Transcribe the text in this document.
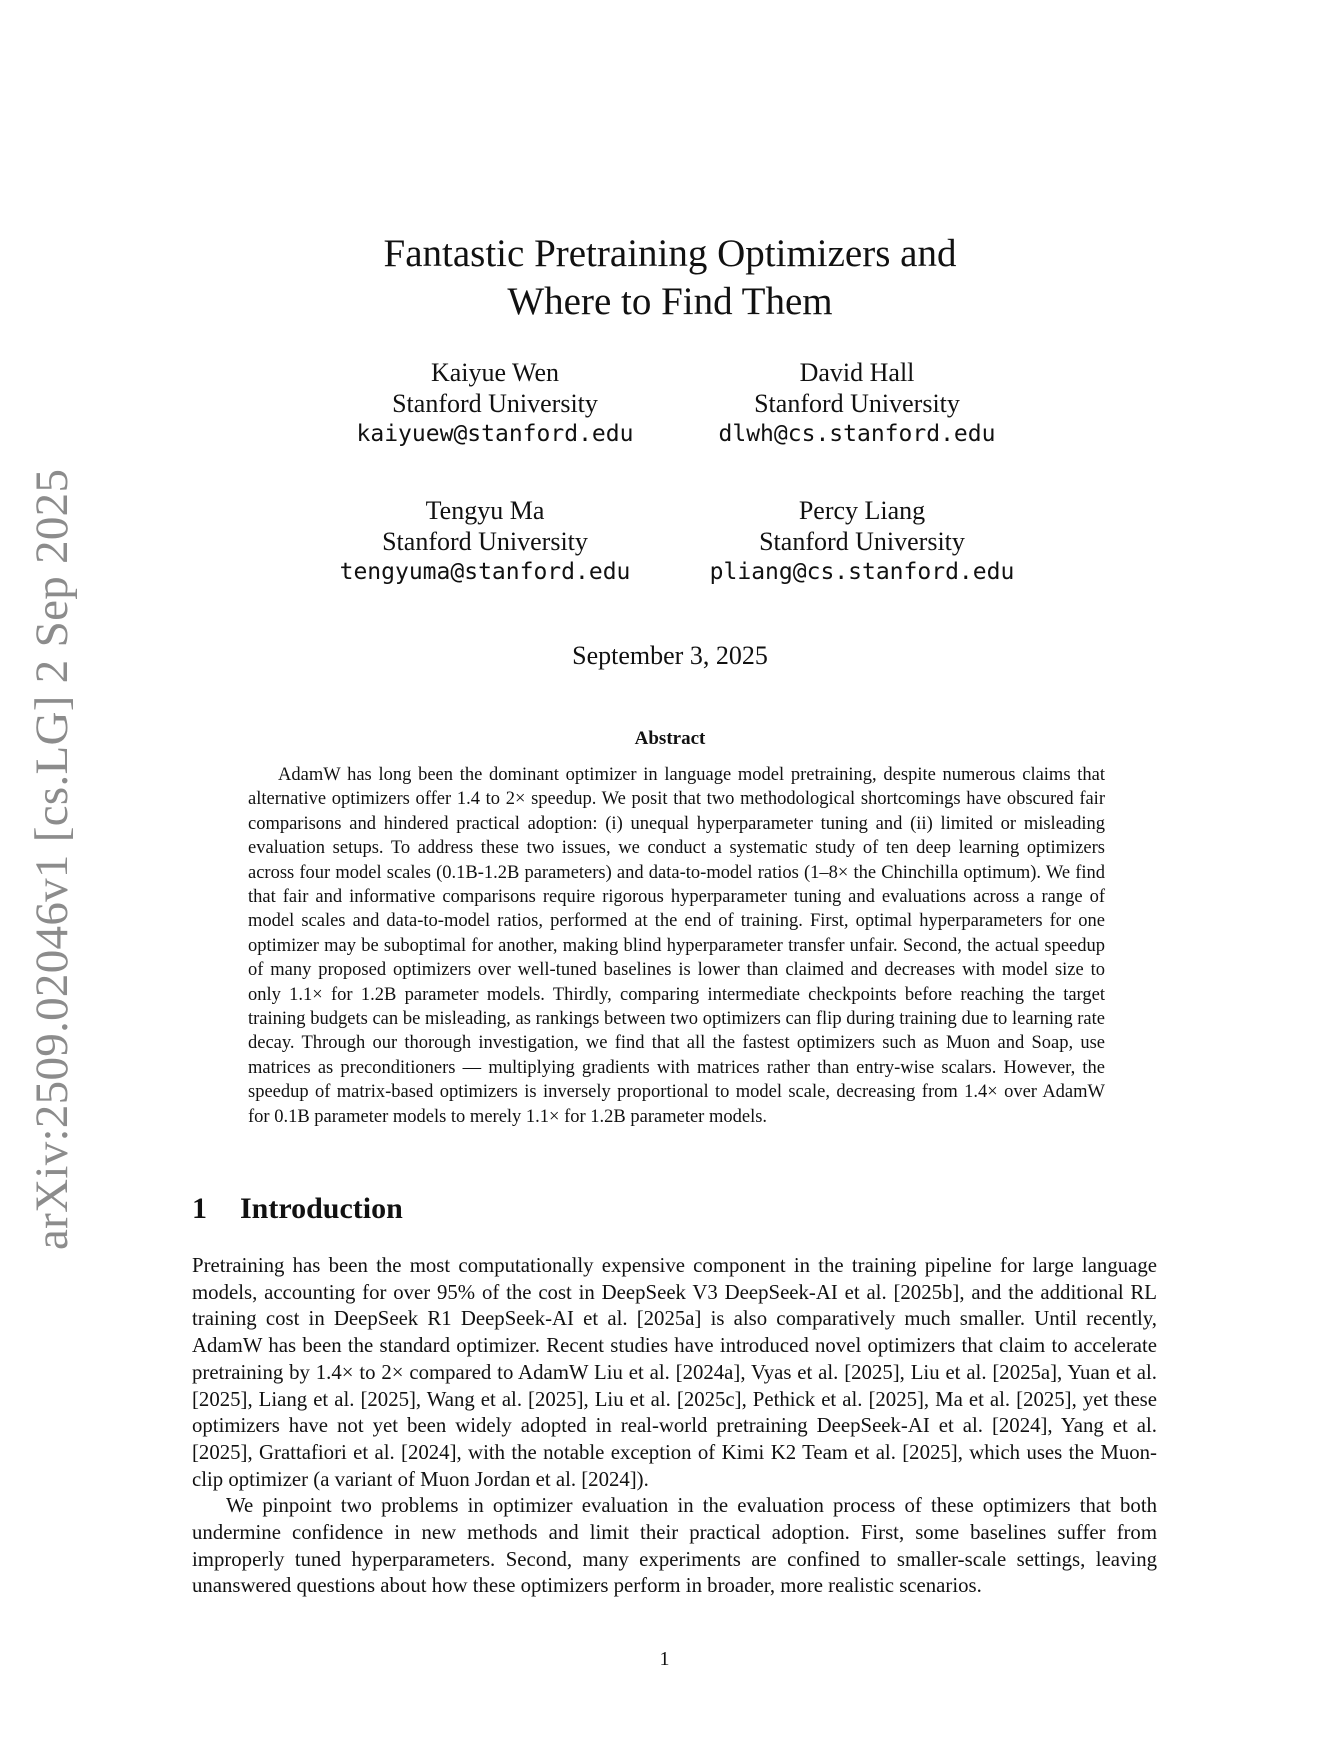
arXiv:2509.02046v1 [cs.LG] 2 Sep 2025
Fantastic Pretraining Optimizers and
Where to Find Them
Kaiyue Wen
Stanford University
kaiyuew@stanford.edu
David Hall
Stanford University
dlwh@cs.stanford.edu
Tengyu Ma
Stanford University
tengyuma@stanford.edu
Percy Liang
Stanford University
pliang@cs.stanford.edu
September 3, 2025
Abstract

AdamW has long been the dominant optimizer in language model pretraining, despite numerous claims that alternative optimizers offer 1.4 to 2× speedup. We posit that two methodological shortcomings have obscured fair comparisons and hindered practical adoption: (i) unequal hyperparameter tuning and (ii) limited or misleading evaluation setups. To address these two issues, we conduct a systematic study of ten deep learning optimizers across four model scales (0.1B-1.2B parameters) and data-to-model ratios (1–8× the Chinchilla optimum). We find that fair and informative comparisons require rigorous hyperparameter tuning and evaluations across a range of model scales and data-to-model ratios, performed at the end of training. First, optimal hyperparameters for one optimizer may be suboptimal for another, making blind hyperparameter transfer unfair. Second, the actual speedup of many proposed optimizers over well-tuned baselines is lower than claimed and decreases with model size to only 1.1× for 1.2B parameter models. Thirdly, comparing intermediate checkpoints before reaching the target training budgets can be misleading, as rankings between two optimizers can flip during training due to learning rate decay. Through our thorough investigation, we find that all the fastest optimizers such as Muon and Soap, use matrices as preconditioners — multiplying gradients with matrices rather than entry-wise scalars. However, the speedup of matrix-based optimizers is inversely proportional to model scale, decreasing from 1.4× over AdamW for 0.1B parameter models to merely 1.1× for 1.2B parameter models.

1 Introduction

Pretraining has been the most computationally expensive component in the training pipeline for large language models, accounting for over 95% of the cost in DeepSeek V3 DeepSeek-AI et al. [2025b], and the additional RL training cost in DeepSeek R1 DeepSeek-AI et al. [2025a] is also comparatively much smaller. Until recently, AdamW has been the standard optimizer. Recent studies have introduced novel optimizers that claim to accelerate pretraining by 1.4× to 2× compared to AdamW Liu et al. [2024a], Vyas et al. [2025], Liu et al. [2025a], Yuan et al. [2025], Liang et al. [2025], Wang et al. [2025], Liu et al. [2025c], Pethick et al. [2025], Ma et al. [2025], yet these optimizers have not yet been widely adopted in real-world pretraining DeepSeek-AI et al. [2024], Yang et al. [2025], Grattafiori et al. [2024], with the notable exception of Kimi K2 Team et al. [2025], which uses the Muon-clip optimizer (a variant of Muon Jordan et al. [2024]).

We pinpoint two problems in optimizer evaluation in the evaluation process of these optimizers that both undermine confidence in new methods and limit their practical adoption. First, some baselines suffer from improperly tuned hyperparameters. Second, many experiments are confined to smaller-scale settings, leaving unanswered questions about how these optimizers perform in broader, more realistic scenarios.

1
